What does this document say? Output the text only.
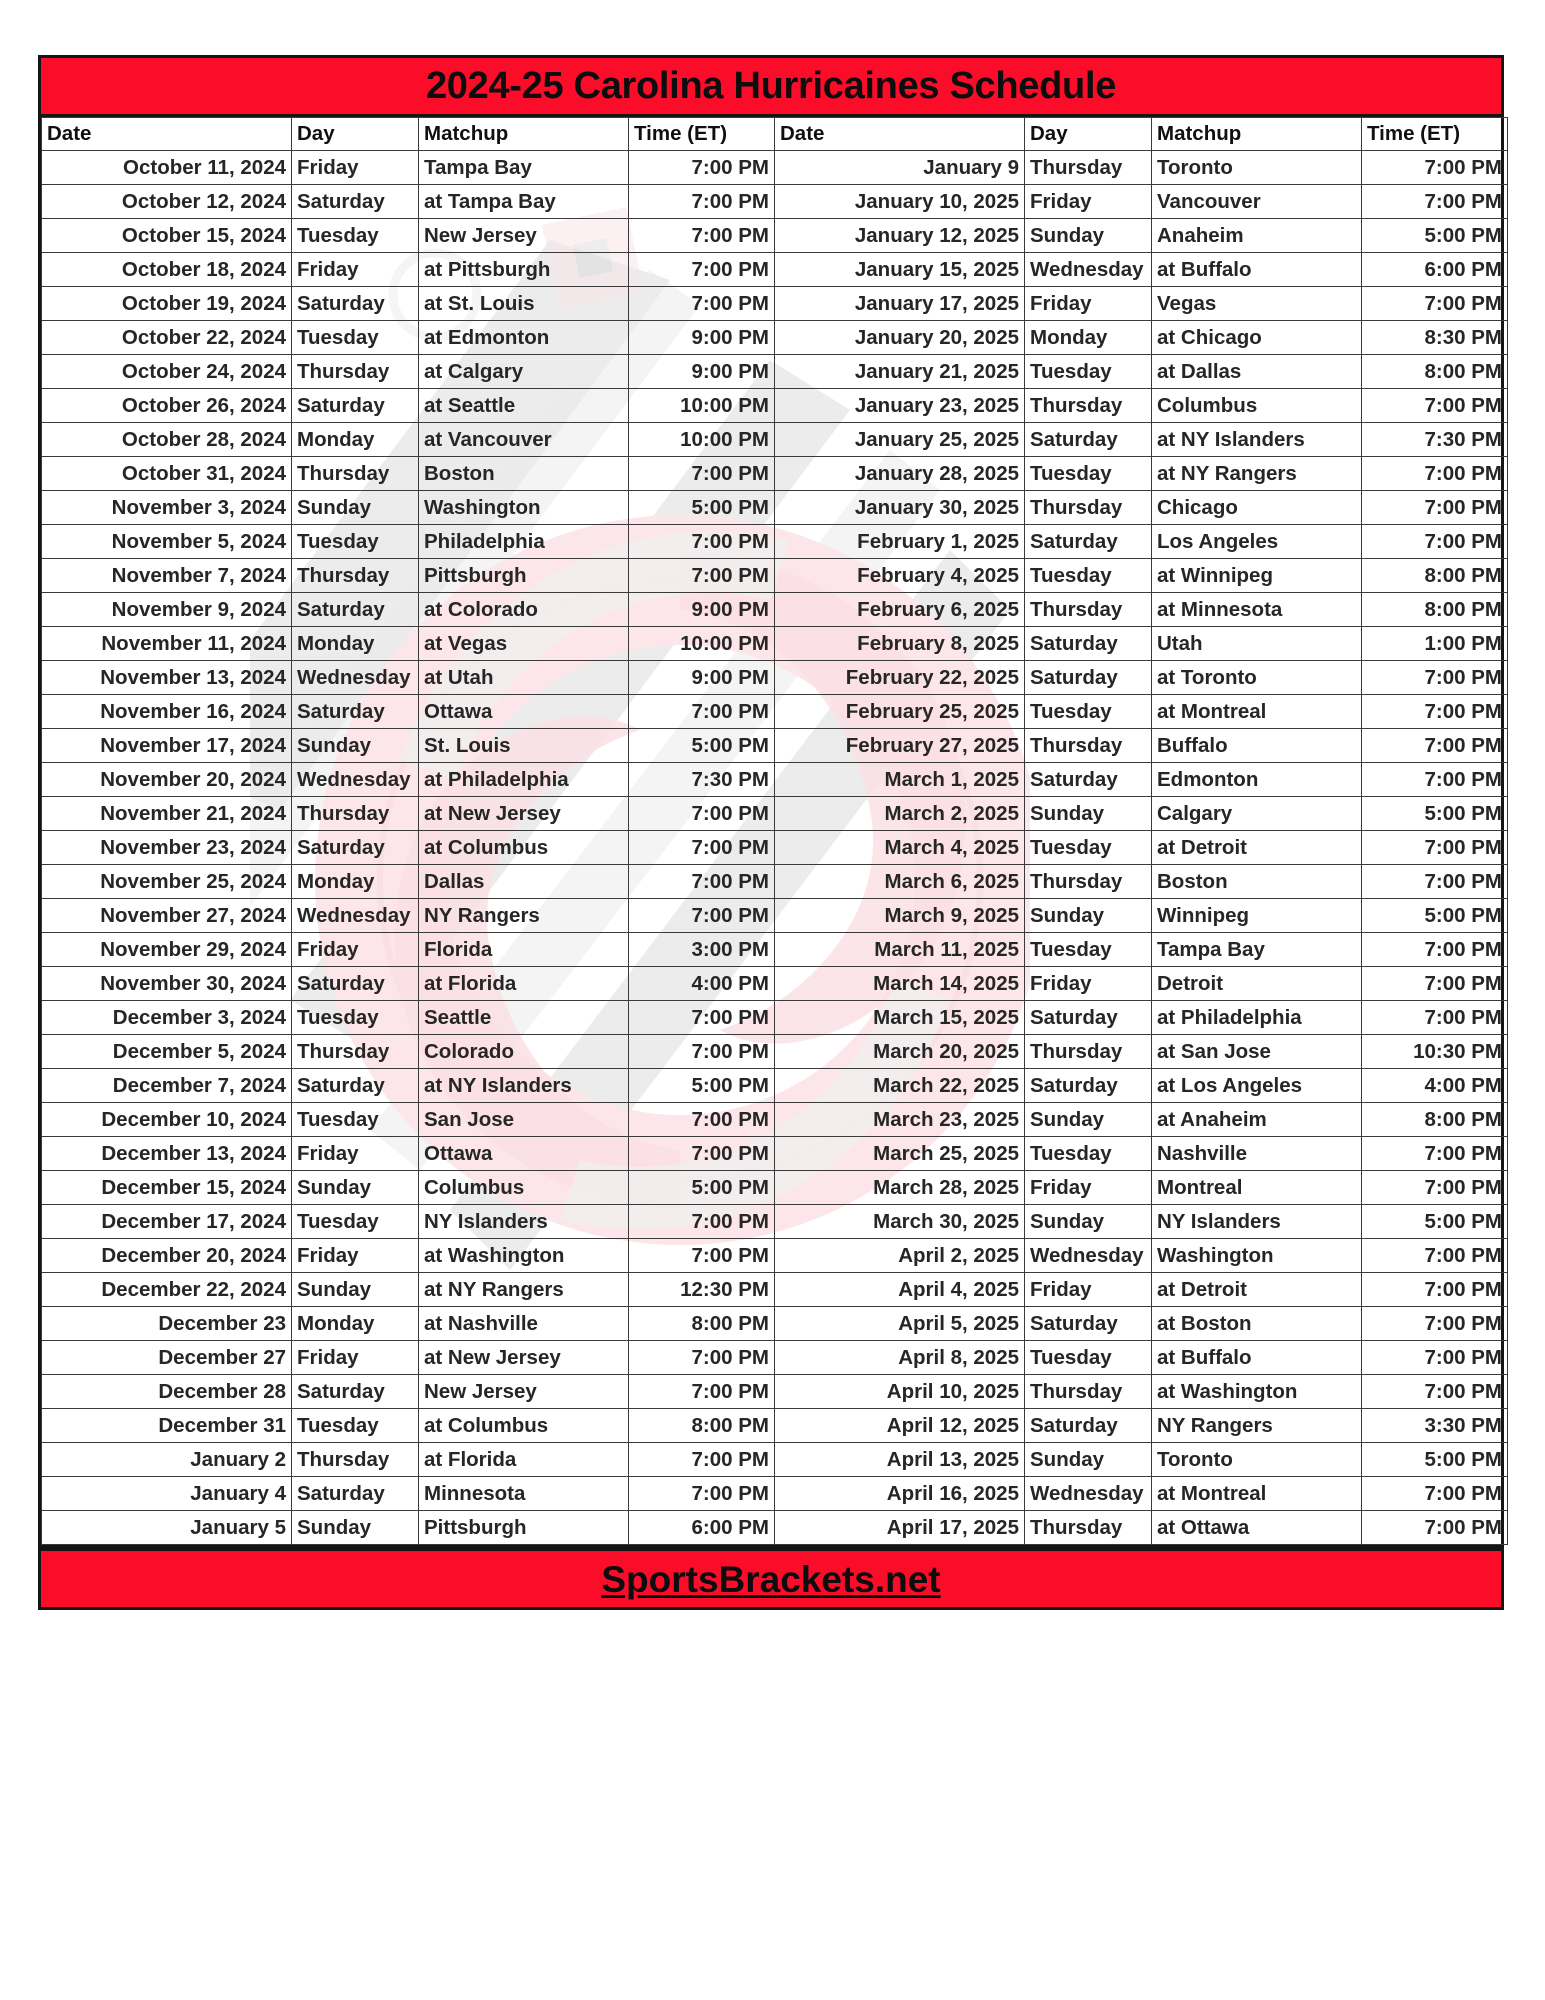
2024-25 Carolina Hurricaines Schedule
Date	Day	Matchup	Time (ET)	Date	Day	Matchup	Time (ET)
October 11, 2024	Friday	Tampa Bay	7:00 PM	January 9	Thursday	Toronto	7:00 PM
October 12, 2024	Saturday	at Tampa Bay	7:00 PM	January 10, 2025	Friday	Vancouver	7:00 PM
October 15, 2024	Tuesday	New Jersey	7:00 PM	January 12, 2025	Sunday	Anaheim	5:00 PM
October 18, 2024	Friday	at Pittsburgh	7:00 PM	January 15, 2025	Wednesday	at Buffalo	6:00 PM
October 19, 2024	Saturday	at St. Louis	7:00 PM	January 17, 2025	Friday	Vegas	7:00 PM
October 22, 2024	Tuesday	at Edmonton	9:00 PM	January 20, 2025	Monday	at Chicago	8:30 PM
October 24, 2024	Thursday	at Calgary	9:00 PM	January 21, 2025	Tuesday	at Dallas	8:00 PM
October 26, 2024	Saturday	at Seattle	10:00 PM	January 23, 2025	Thursday	Columbus	7:00 PM
October 28, 2024	Monday	at Vancouver	10:00 PM	January 25, 2025	Saturday	at NY Islanders	7:30 PM
October 31, 2024	Thursday	Boston	7:00 PM	January 28, 2025	Tuesday	at NY Rangers	7:00 PM
November 3, 2024	Sunday	Washington	5:00 PM	January 30, 2025	Thursday	Chicago	7:00 PM
November 5, 2024	Tuesday	Philadelphia	7:00 PM	February 1, 2025	Saturday	Los Angeles	7:00 PM
November 7, 2024	Thursday	Pittsburgh	7:00 PM	February 4, 2025	Tuesday	at Winnipeg	8:00 PM
November 9, 2024	Saturday	at Colorado	9:00 PM	February 6, 2025	Thursday	at Minnesota	8:00 PM
November 11, 2024	Monday	at Vegas	10:00 PM	February 8, 2025	Saturday	Utah	1:00 PM
November 13, 2024	Wednesday	at Utah	9:00 PM	February 22, 2025	Saturday	at Toronto	7:00 PM
November 16, 2024	Saturday	Ottawa	7:00 PM	February 25, 2025	Tuesday	at Montreal	7:00 PM
November 17, 2024	Sunday	St. Louis	5:00 PM	February 27, 2025	Thursday	Buffalo	7:00 PM
November 20, 2024	Wednesday	at Philadelphia	7:30 PM	March 1, 2025	Saturday	Edmonton	7:00 PM
November 21, 2024	Thursday	at New Jersey	7:00 PM	March 2, 2025	Sunday	Calgary	5:00 PM
November 23, 2024	Saturday	at Columbus	7:00 PM	March 4, 2025	Tuesday	at Detroit	7:00 PM
November 25, 2024	Monday	Dallas	7:00 PM	March 6, 2025	Thursday	Boston	7:00 PM
November 27, 2024	Wednesday	NY Rangers	7:00 PM	March 9, 2025	Sunday	Winnipeg	5:00 PM
November 29, 2024	Friday	Florida	3:00 PM	March 11, 2025	Tuesday	Tampa Bay	7:00 PM
November 30, 2024	Saturday	at Florida	4:00 PM	March 14, 2025	Friday	Detroit	7:00 PM
December 3, 2024	Tuesday	Seattle	7:00 PM	March 15, 2025	Saturday	at Philadelphia	7:00 PM
December 5, 2024	Thursday	Colorado	7:00 PM	March 20, 2025	Thursday	at San Jose	10:30 PM
December 7, 2024	Saturday	at NY Islanders	5:00 PM	March 22, 2025	Saturday	at Los Angeles	4:00 PM
December 10, 2024	Tuesday	San Jose	7:00 PM	March 23, 2025	Sunday	at Anaheim	8:00 PM
December 13, 2024	Friday	Ottawa	7:00 PM	March 25, 2025	Tuesday	Nashville	7:00 PM
December 15, 2024	Sunday	Columbus	5:00 PM	March 28, 2025	Friday	Montreal	7:00 PM
December 17, 2024	Tuesday	NY Islanders	7:00 PM	March 30, 2025	Sunday	NY Islanders	5:00 PM
December 20, 2024	Friday	at Washington	7:00 PM	April 2, 2025	Wednesday	Washington	7:00 PM
December 22, 2024	Sunday	at NY Rangers	12:30 PM	April 4, 2025	Friday	at Detroit	7:00 PM
December 23	Monday	at Nashville	8:00 PM	April 5, 2025	Saturday	at Boston	7:00 PM
December 27	Friday	at New Jersey	7:00 PM	April 8, 2025	Tuesday	at Buffalo	7:00 PM
December 28	Saturday	New Jersey	7:00 PM	April 10, 2025	Thursday	at Washington	7:00 PM
December 31	Tuesday	at Columbus	8:00 PM	April 12, 2025	Saturday	NY Rangers	3:30 PM
January 2	Thursday	at Florida	7:00 PM	April 13, 2025	Sunday	Toronto	5:00 PM
January 4	Saturday	Minnesota	7:00 PM	April 16, 2025	Wednesday	at Montreal	7:00 PM
January 5	Sunday	Pittsburgh	6:00 PM	April 17, 2025	Thursday	at Ottawa	7:00 PM
SportsBrackets.net
